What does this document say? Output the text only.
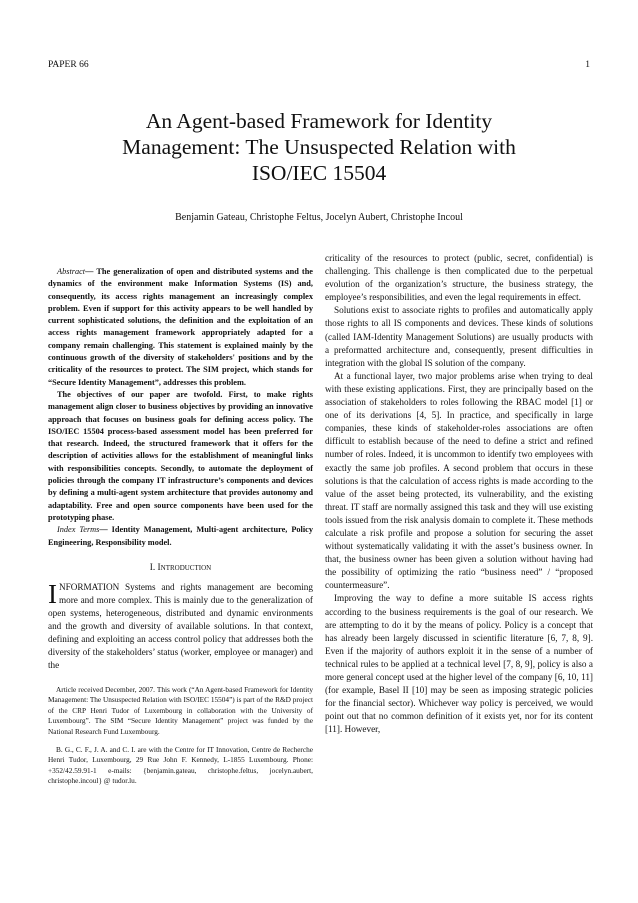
PAPER 66	1
An Agent-based Framework for Identity
Management: The Unsuspected Relation with
ISO/IEC 15504
Benjamin Gateau, Christophe Feltus, Jocelyn Aubert, Christophe Incoul

Abstract— The generalization of open and distributed systems and the dynamics of the environment make Information Systems (IS) and, consequently, its access rights management an increasingly complex problem. Even if support for this activity appears to be well handled by current sophisticated solutions, the definition and the exploitation of an access rights management framework appropriately adapted for a company remain challenging. This statement is explained mainly by the continuous growth of the diversity of stakeholders' positions and by the criticality of the resources to protect. The SIM project, which stands for “Secure Identity Management”, addresses this problem.

The objectives of our paper are twofold. First, to make rights management align closer to business objectives by providing an innovative approach that focuses on business goals for defining access policy. The ISO/IEC 15504 process-based assessment model has been preferred for that research. Indeed, the structured framework that it offers for the description of activities allows for the establishment of meaningful links with responsibilities concepts. Secondly, to automate the deployment of policies through the company IT infrastructure’s components and devices by defining a multi-agent system architecture that provides autonomy and adaptability. Free and open source components have been used for the prototyping phase.

Index Terms— Identity Management, Multi-agent architecture, Policy Engineering, Responsibility model.

I. Introduction

INFORMATION Systems and rights management are becoming more and more complex. This is mainly due to the generalization of open systems, heterogeneous, distributed and dynamic environments and the growth and diversity of available solutions. In that context, defining and exploiting an access control policy that addresses both the diversity of the stakeholders’ status (worker, employee or manager) and the

Article received December, 2007. This work (“An Agent-based Framework for Identity Management: The Unsuspected Relation with ISO/IEC 15504”) is part of the R&D project of the CRP Henri Tudor of Luxembourg in collaboration with the University of Luxembourg”. The SIM “Secure Identity Management” project was funded by the National Research Fund Luxembourg.

B. G., C. F., J. A. and C. I. are with the Centre for IT Innovation, Centre de Recherche Henri Tudor, Luxembourg, 29 Rue John F. Kennedy, L-1855 Luxembourg. Phone: +352/42.59.91-1 e-mails: {benjamin.gateau, christophe.feltus, jocelyn.aubert, christophe.incoul} @ tudor.lu.

criticality of the resources to protect (public, secret, confidential) is challenging. This challenge is then complicated due to the perpetual evolution of the organization’s structure, the business strategy, the employee’s responsibilities, and even the legal requirements in effect.

Solutions exist to associate rights to profiles and automatically apply those rights to all IS components and devices. These kinds of solutions (called IAM-Identity Management Solutions) are usually products with a preformatted architecture and, consequently, present difficulties in integration with the global IS solution of the company.

At a functional layer, two major problems arise when trying to deal with these existing applications. First, they are principally based on the association of stakeholders to roles following the RBAC model [1] or one of its derivations [4, 5]. In practice, and specifically in large companies, these kinds of stakeholder-roles associations are often difficult to establish because of the need to define a strict and refined number of roles. Indeed, it is uncommon to identify two employees with exactly the same job profiles. A second problem that occurs in these solutions is that the calculation of access rights is made according to the value of the asset being protected, its vulnerability, and the existing threat. IT staff are normally assigned this task and they will use existing tools issued from the risk analysis domain to complete it. These methods calculate a risk profile and propose a solution for securing the asset without systematically validating it with the asset’s business owner. In that, the business owner has been given a solution without having had the possibility of optimizing the ratio “business need” / “proposed countermeasure”.

Improving the way to define a more suitable IS access rights according to the business requirements is the goal of our research. We are attempting to do it by the means of policy. Policy is a concept that has already been largely discussed in scientific literature [6, 7, 8, 9]. Even if the majority of authors exploit it in the sense of a number of technical rules to be applied at a technical level [7, 8, 9], policy is also a more general concept used at the higher level of the company [6, 10, 11] (for example, Basel II [10] may be seen as imposing strategic policies for the financial sector). Whichever way policy is perceived, we would point out that no common definition of it exists yet, nor for its content [11]. However,
